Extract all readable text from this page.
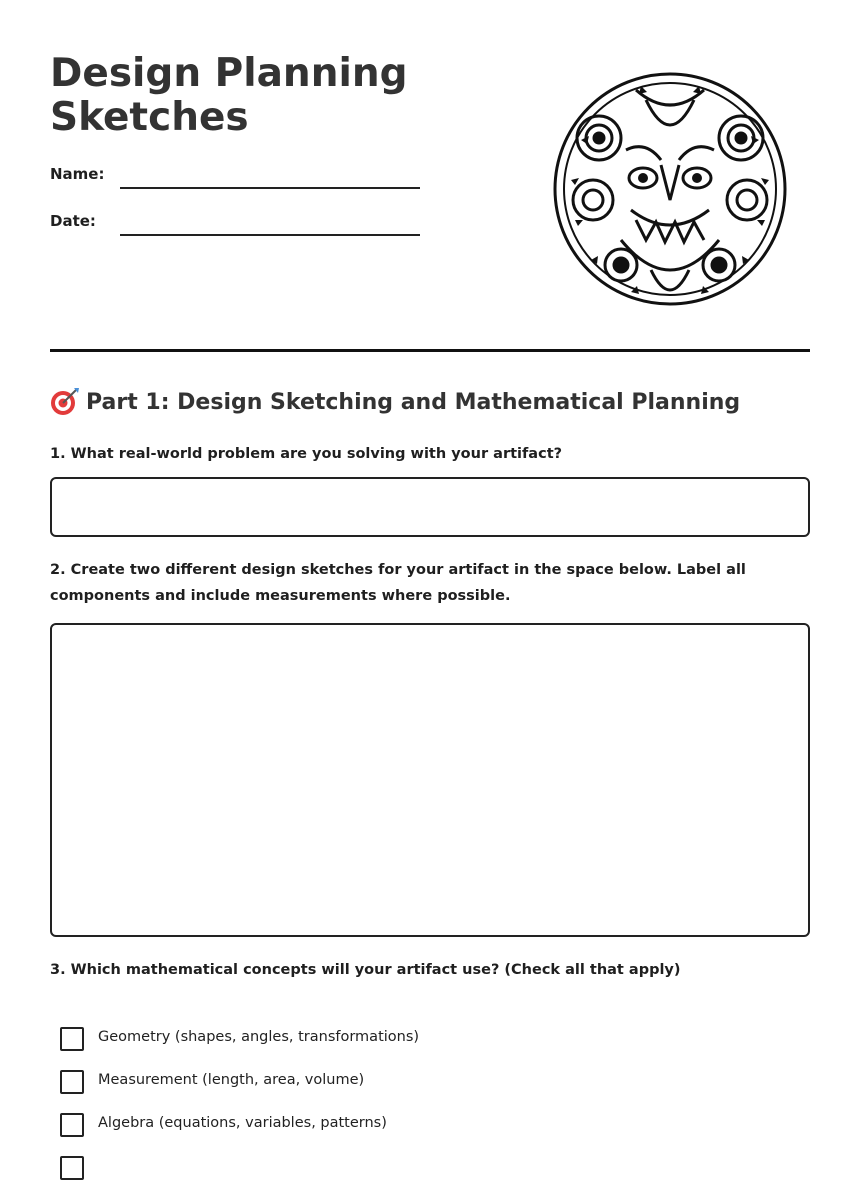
Design Planning Sketches
Name:
Date:
Part 1: Design Sketching and Mathematical Planning
1. What real-world problem are you solving with your artifact?
2. Create two different design sketches for your artifact in the space below. Label all components and include measurements where possible.
3. Which mathematical concepts will your artifact use? (Check all that apply)
Geometry (shapes, angles, transformations)
Measurement (length, area, volume)
Algebra (equations, variables, patterns)
